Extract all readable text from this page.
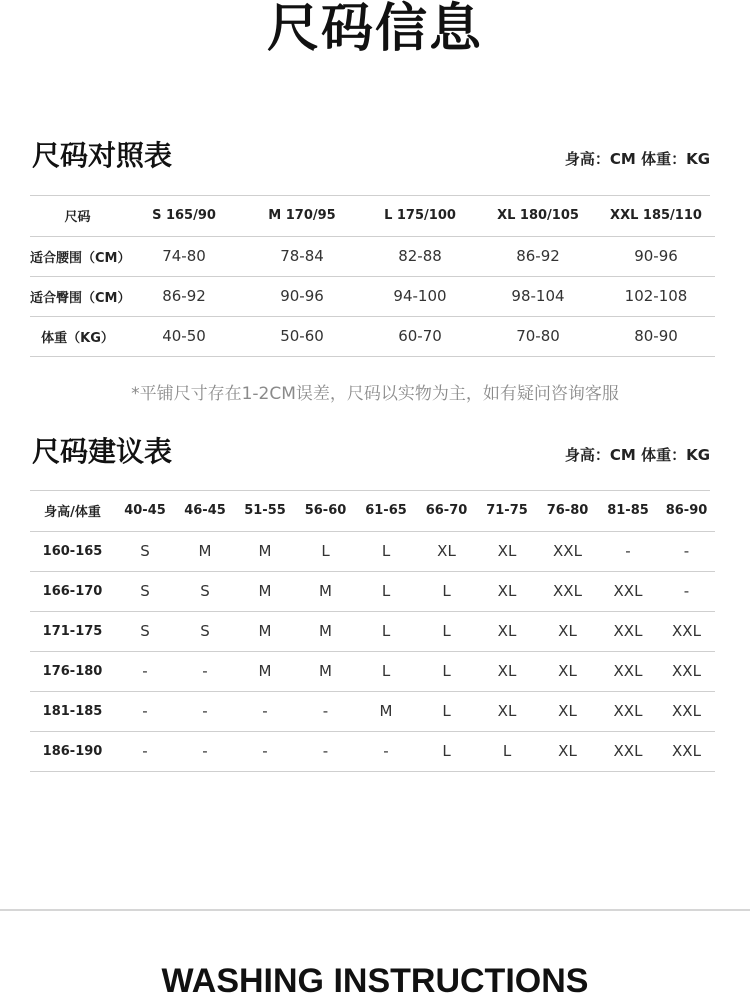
尺码信息
尺码对照表	身高：CM 体重：KG
尺码	S 165/90	M 170/95	L 175/100	XL 180/105	XXL 185/110
适合腰围（CM）	74-80	78-84	82-88	86-92	90-96
适合臀围（CM）	86-92	90-96	94-100	98-104	102-108
体重（KG）	40-50	50-60	60-70	70-80	80-90
*平铺尺寸存在1-2CM误差，尺码以实物为主，如有疑问咨询客服
尺码建议表	身高：CM 体重：KG
身高/体重	40-45	46-45	51-55	56-60	61-65	66-70	71-75	76-80	81-85	86-90
160-165	S	M	M	L	L	XL	XL	XXL	-	-
166-170	S	S	M	M	L	L	XL	XXL	XXL	-
171-175	S	S	M	M	L	L	XL	XL	XXL	XXL
176-180	-	-	M	M	L	L	XL	XL	XXL	XXL
181-185	-	-	-	-	M	L	XL	XL	XXL	XXL
186-190	-	-	-	-	-	L	L	XL	XXL	XXL
WASHING INSTRUCTIONS
